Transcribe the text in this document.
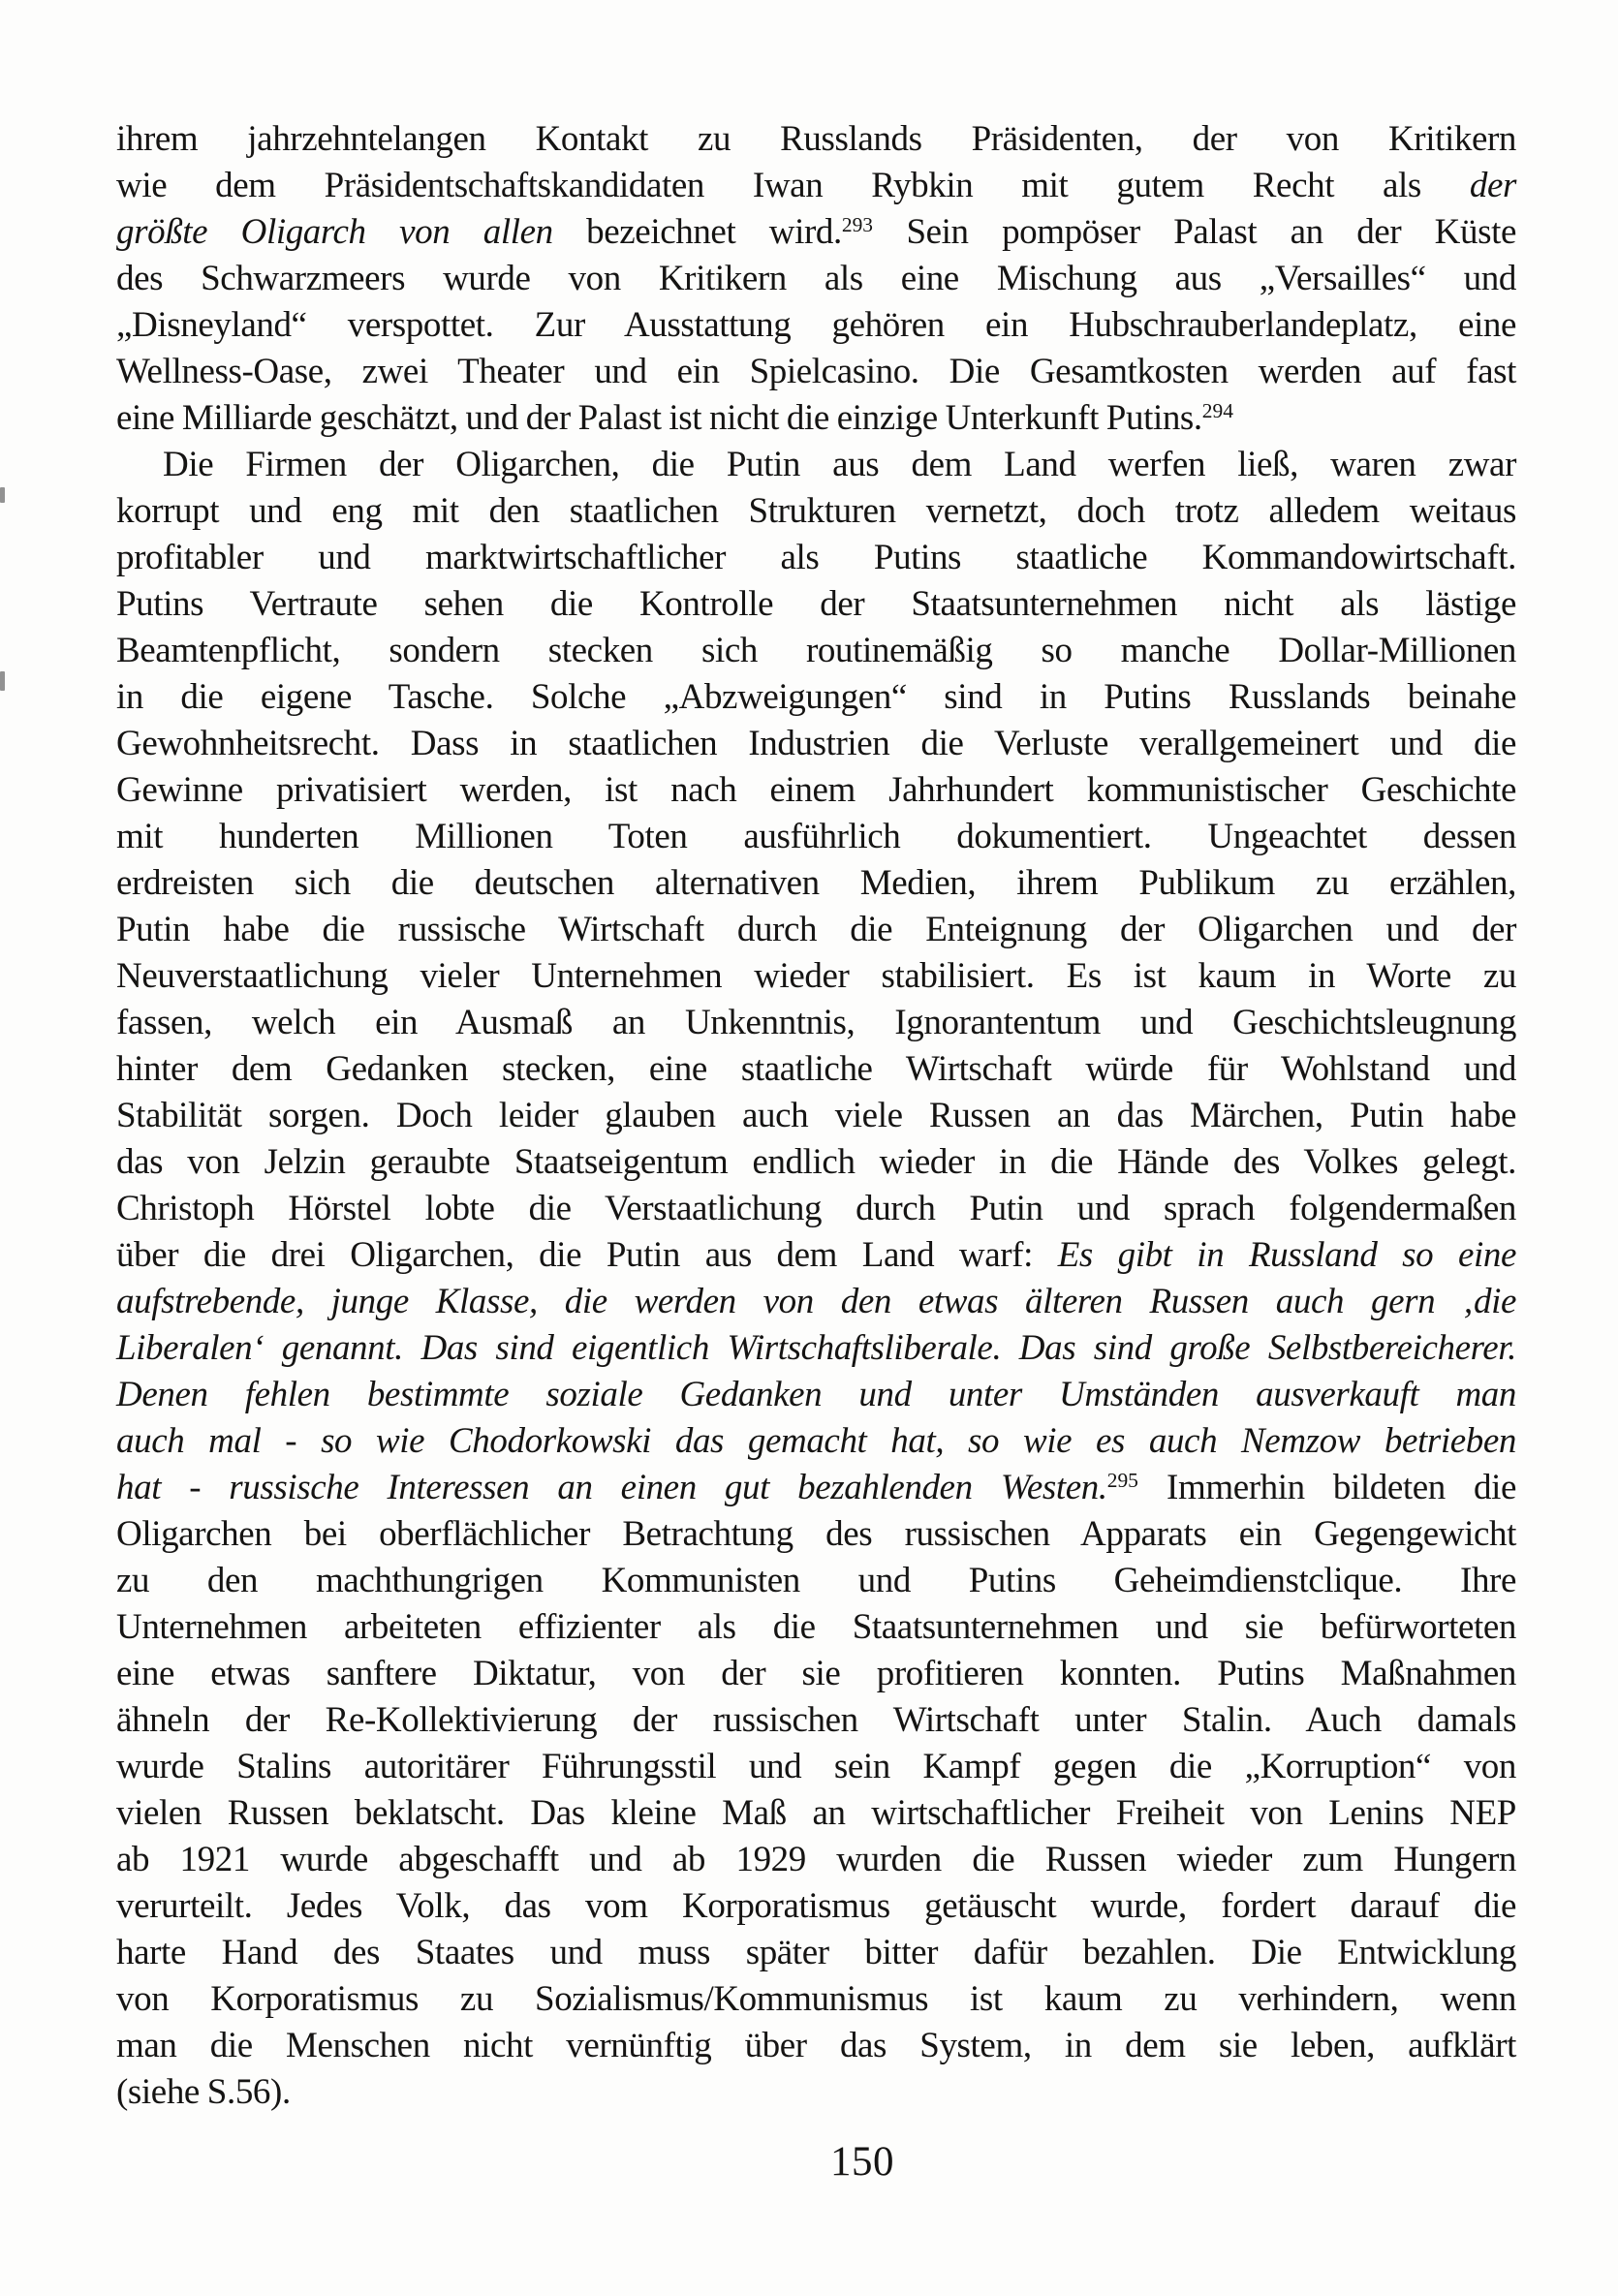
ihrem jahrzehntelangen Kontakt zu Russlands Präsidenten, der von Kritikern
wie dem Präsidentschaftskandidaten Iwan Rybkin mit gutem Recht als der
größte Oligarch von allen bezeichnet wird.$^{293}$ Sein pompöser Palast an der Küste
des Schwarzmeers wurde von Kritikern als eine Mischung aus „Versailles“ und
„Disneyland“ verspottet. Zur Ausstattung gehören ein Hubschrauberlandeplatz, eine
Wellness-Oase, zwei Theater und ein Spielcasino. Die Gesamtkosten werden auf fast
eine Milliarde geschätzt, und der Palast ist nicht die einzige Unterkunft Putins.$^{294}$
Die Firmen der Oligarchen, die Putin aus dem Land werfen ließ, waren zwar
korrupt und eng mit den staatlichen Strukturen vernetzt, doch trotz alledem weitaus
profitabler und marktwirtschaftlicher als Putins staatliche Kommandowirtschaft.
Putins Vertraute sehen die Kontrolle der Staatsunternehmen nicht als lästige
Beamtenpflicht, sondern stecken sich routinemäßig so manche Dollar-Millionen
in die eigene Tasche. Solche „Abzweigungen“ sind in Putins Russlands beinahe
Gewohnheitsrecht. Dass in staatlichen Industrien die Verluste verallgemeinert und die
Gewinne privatisiert werden, ist nach einem Jahrhundert kommunistischer Geschichte
mit hunderten Millionen Toten ausführlich dokumentiert. Ungeachtet dessen
erdreisten sich die deutschen alternativen Medien, ihrem Publikum zu erzählen,
Putin habe die russische Wirtschaft durch die Enteignung der Oligarchen und der
Neuverstaatlichung vieler Unternehmen wieder stabilisiert. Es ist kaum in Worte zu
fassen, welch ein Ausmaß an Unkenntnis, Ignorantentum und Geschichtsleugnung
hinter dem Gedanken stecken, eine staatliche Wirtschaft würde für Wohlstand und
Stabilität sorgen. Doch leider glauben auch viele Russen an das Märchen, Putin habe
das von Jelzin geraubte Staatseigentum endlich wieder in die Hände des Volkes gelegt.
Christoph Hörstel lobte die Verstaatlichung durch Putin und sprach folgendermaßen
über die drei Oligarchen, die Putin aus dem Land warf: Es gibt in Russland so eine
aufstrebende, junge Klasse, die werden von den etwas älteren Russen auch gern ‚die
Liberalen‘ genannt. Das sind eigentlich Wirtschaftsliberale. Das sind große Selbstbereicherer.
Denen fehlen bestimmte soziale Gedanken und unter Umständen ausverkauft man
auch mal - so wie Chodorkowski das gemacht hat, so wie es auch Nemzow betrieben
hat - russische Interessen an einen gut bezahlenden Westen.$^{295}$ Immerhin bildeten die
Oligarchen bei oberflächlicher Betrachtung des russischen Apparats ein Gegengewicht
zu den machthungrigen Kommunisten und Putins Geheimdienstclique. Ihre
Unternehmen arbeiteten effizienter als die Staatsunternehmen und sie befürworteten
eine etwas sanftere Diktatur, von der sie profitieren konnten. Putins Maßnahmen
ähneln der Re-Kollektivierung der russischen Wirtschaft unter Stalin. Auch damals
wurde Stalins autoritärer Führungsstil und sein Kampf gegen die „Korruption“ von
vielen Russen beklatscht. Das kleine Maß an wirtschaftlicher Freiheit von Lenins NEP
ab 1921 wurde abgeschafft und ab 1929 wurden die Russen wieder zum Hungern
verurteilt. Jedes Volk, das vom Korporatismus getäuscht wurde, fordert darauf die
harte Hand des Staates und muss später bitter dafür bezahlen. Die Entwicklung
von Korporatismus zu Sozialismus/Kommunismus ist kaum zu verhindern, wenn
man die Menschen nicht vernünftig über das System, in dem sie leben, aufklärt
(siehe S.56).
150
